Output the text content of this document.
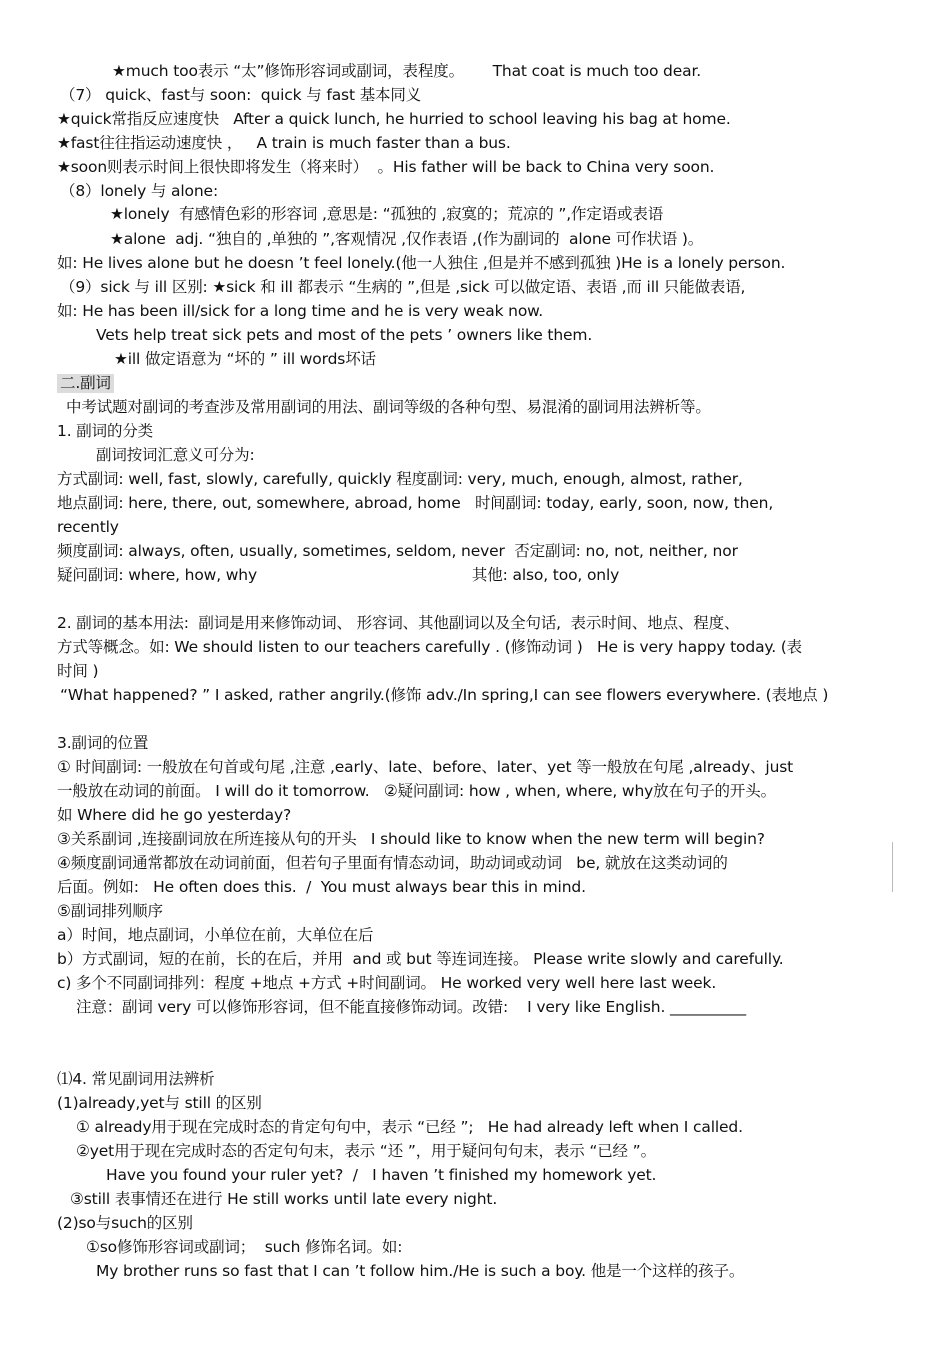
★much too表示 “太”修饰形容词或副词，表程度。      That coat is much too dear.
（7） quick、fast与 soon:  quick 与 fast 基本同义
★quick常指反应速度快   After a quick lunch, he hurried to school leaving his bag at home.
★fast往往指运动速度快 ，   A train is much faster than a bus.
★soon则表示时间上很快即将发生（将来时）  。His father will be back to China very soon.
（8）lonely 与 alone:
★lonely  有感情色彩的形容词 ,意思是: “孤独的 ,寂寞的；荒凉的 ”,作定语或表语
★alone  adj. “独自的 ,单独的 ”,客观情况 ,仅作表语 ,(作为副词的  alone 可作状语 )。
如: He lives alone but he doesn ’t feel lonely.(他一人独住 ,但是并不感到孤独 )He is a lonely person.
（9）sick 与 ill 区别: ★sick 和 ill 都表示 “生病的 ”,但是 ,sick 可以做定语、表语 ,而 ill 只能做表语,
如: He has been ill/sick for a long time and he is very weak now.
Vets help treat sick pets and most of the pets ’ owners like them.
★ill 做定语意为 “坏的 ” ill words坏话
二.副词
中考试题对副词的考查涉及常用副词的用法、副词等级的各种句型、易混淆的副词用法辨析等。
1. 副词的分类
副词按词汇意义可分为:
方式副词: well, fast, slowly, carefully, quickly 程度副词: very, much, enough, almost, rather,
地点副词: here, there, out, somewhere, abroad, home   时间副词: today, early, soon, now, then,
recently
频度副词: always, often, usually, sometimes, seldom, never  否定副词: no, not, neither, nor
疑问副词: where, how, why                                             其他: also, too, only
2. 副词的基本用法:  副词是用来修饰动词、 形容词、其他副词以及全句话,  表示时间、地点、程度、
方式等概念。如: We should listen to our teachers carefully . (修饰动词 )   He is very happy today. (表
时间 )
“What happened? ” I asked, rather angrily.(修饰 adv./In spring,I can see flowers everywhere. (表地点 )
3.副词的位置
① 时间副词: 一般放在句首或句尾 ,注意 ,early、late、before、later、yet 等一般放在句尾 ,already、just
一般放在动词的前面。 I will do it tomorrow.   ②疑问副词: how , when, where, why放在句子的开头。
如 Where did he go yesterday?
③关系副词 ,连接副词放在所连接从句的开头   I should like to know when the new term will begin?
④频度副词通常都放在动词前面，但若句子里面有情态动词，助动词或动词   be, 就放在这类动词的
后面。例如:   He often does this.  /  You must always bear this in mind.
⑤副词排列顺序
a）时间，地点副词，小单位在前，大单位在后
b）方式副词，短的在前，长的在后，并用  and 或 but 等连词连接。 Please write slowly and carefully.
c) 多个不同副词排列：程度 +地点 +方式 +时间副词。 He worked very well here last week.
注意：副词 very 可以修饰形容词，但不能直接修饰动词。改错:    I very like English. __________
⑴4. 常见副词用法辨析
(1)already,yet与 still 的区别
① already用于现在完成时态的肯定句句中，表示 “已经 ”;   He had already left when I called.
②yet用于现在完成时态的否定句句末，表示 “还 ”，用于疑问句句末，表示 “已经 ”。
Have you found your ruler yet?  /   I haven ’t finished my homework yet.
③still 表事情还在进行 He still works until late every night.
(2)so与such的区别
①so修饰形容词或副词；  such 修饰名词。如:
My brother runs so fast that I can ’t follow him./He is such a boy. 他是一个这样的孩子。
